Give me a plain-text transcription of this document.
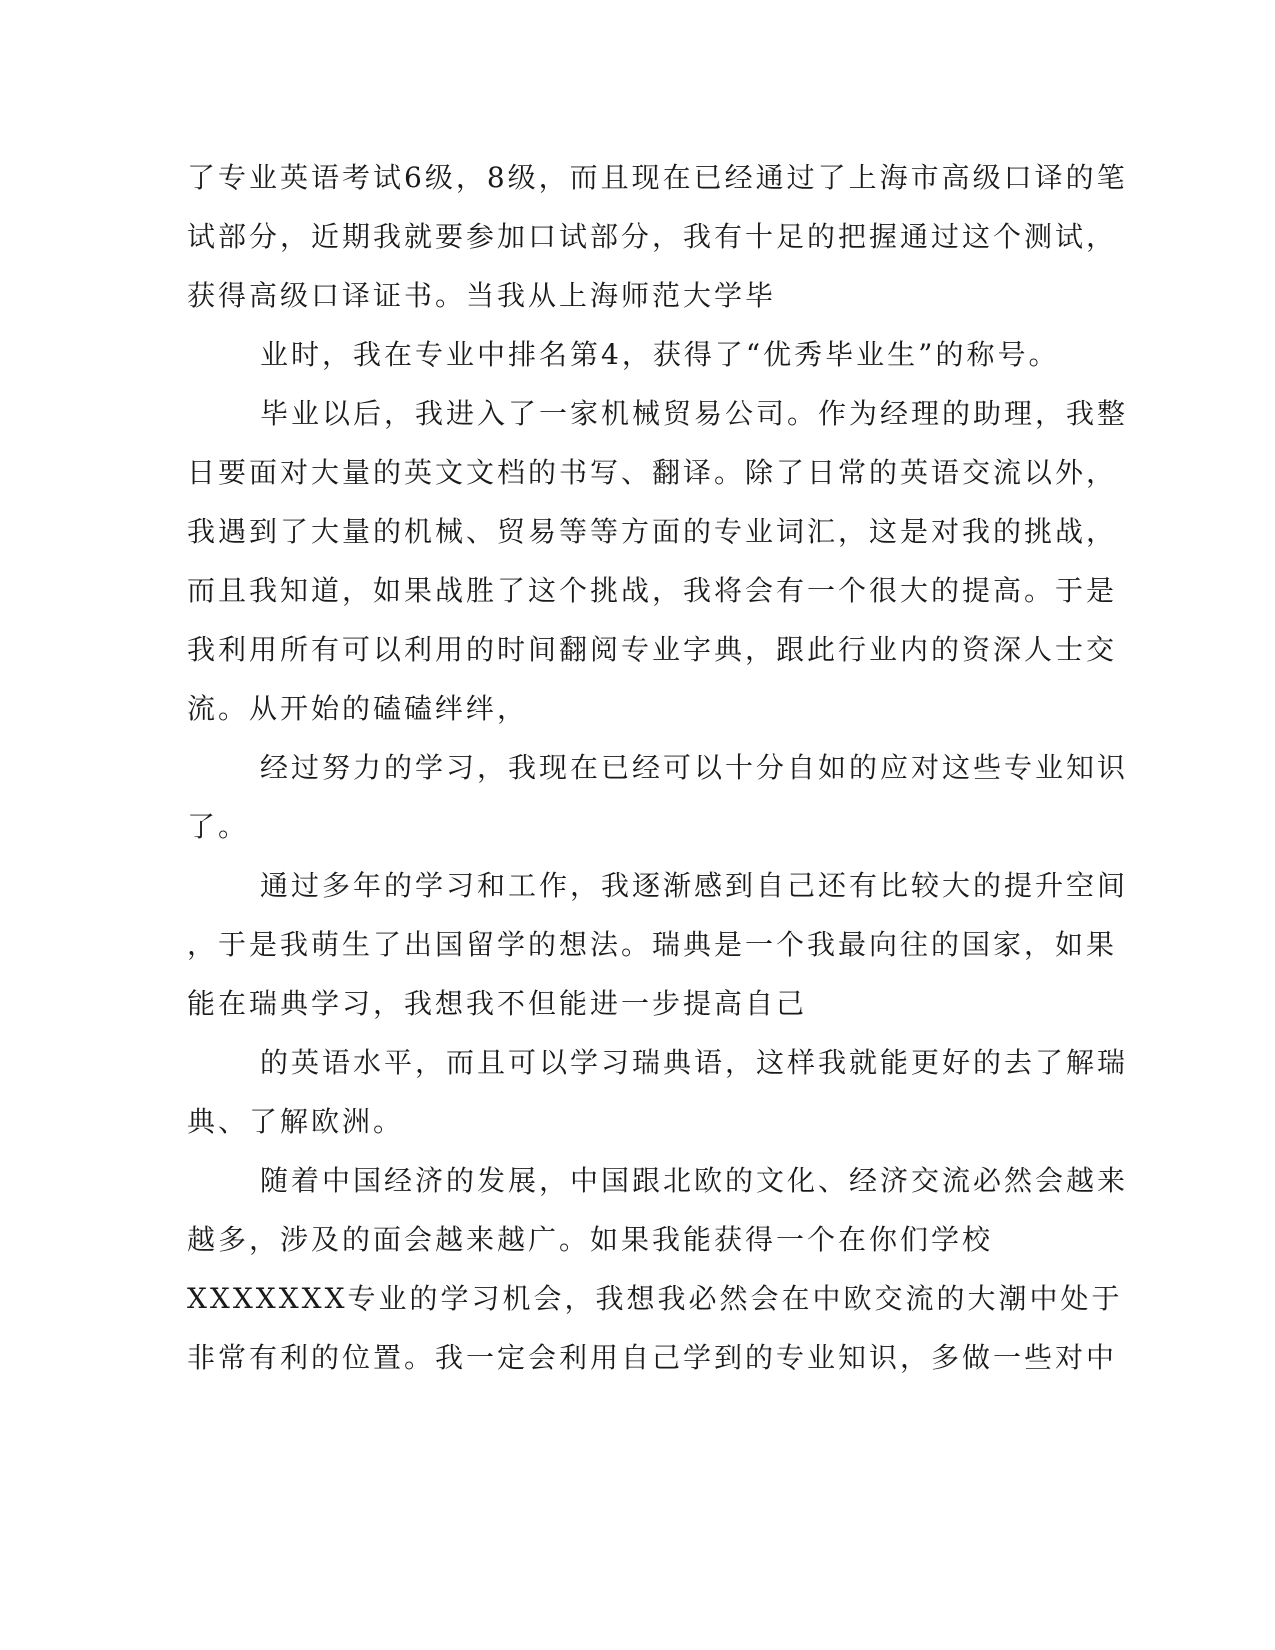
了专业英语考试6级，8级，而且现在已经通过了上海市高级口译的笔
试部分，近期我就要参加口试部分，我有十足的把握通过这个测试，
获得高级口译证书。当我从上海师范大学毕
业时，我在专业中排名第4，获得了“优秀毕业生”的称号。
毕业以后，我进入了一家机械贸易公司。作为经理的助理，我整
日要面对大量的英文文档的书写、翻译。除了日常的英语交流以外，
我遇到了大量的机械、贸易等等方面的专业词汇，这是对我的挑战，
而且我知道，如果战胜了这个挑战，我将会有一个很大的提高。于是
我利用所有可以利用的时间翻阅专业字典，跟此行业内的资深人士交
流。从开始的磕磕绊绊，
经过努力的学习，我现在已经可以十分自如的应对这些专业知识
了。
通过多年的学习和工作，我逐渐感到自己还有比较大的提升空间
，于是我萌生了出国留学的想法。瑞典是一个我最向往的国家，如果
能在瑞典学习，我想我不但能进一步提高自己
的英语水平，而且可以学习瑞典语，这样我就能更好的去了解瑞
典、了解欧洲。
随着中国经济的发展，中国跟北欧的文化、经济交流必然会越来
越多，涉及的面会越来越广。如果我能获得一个在你们学校
XXXXXXX专业的学习机会，我想我必然会在中欧交流的大潮中处于
非常有利的位置。我一定会利用自己学到的专业知识，多做一些对中
